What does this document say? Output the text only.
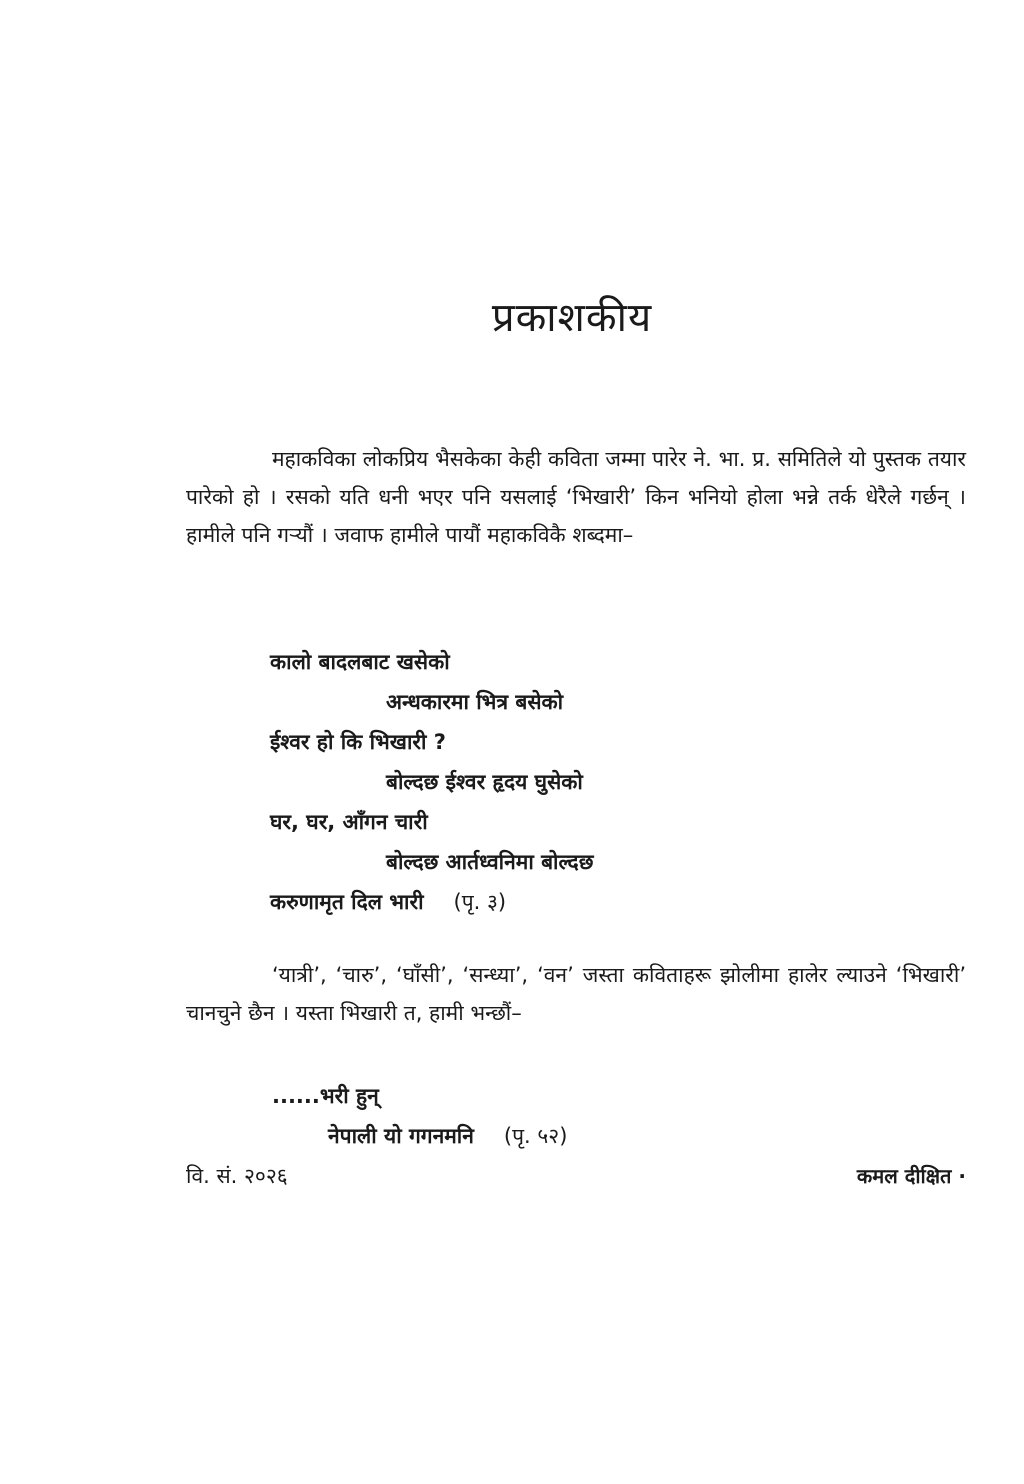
प्रकाशकीय

महाकविका लोकप्रिय भैसकेका केही कविता जम्मा पारेर ने. भा. प्र. समितिले यो पुस्तक तयार पारेको हो । रसको यति धनी भएर पनि यसलाई ‘भिखारी’ किन भनियो होला भन्ने तर्क धेरैले गर्छन् । हामीले पनि गऱ्यौं । जवाफ हामीले पायौं महाकविकै शब्दमा–

कालो बादलबाट खसेको
अन्धकारमा भित्र बसेको
ईश्वर हो कि भिखारी ?
बोल्दछ ईश्वर हृदय घुसेको
घर, घर, आँगन चारी
बोल्दछ आर्तध्वनिमा बोल्दछ
करुणामृत दिल भारी (पृ. ३)

‘यात्री’, ‘चारु’, ‘घाँसी’, ‘सन्ध्या’, ‘वन’ जस्ता कविताहरू झोलीमा हालेर ल्याउने ‘भिखारी’ चानचुने छैन । यस्ता भिखारी त, हामी भन्छौं–

......भरी हुन्
नेपाली यो गगनमनि (पृ. ५२)
वि. सं. २०२६	कमल दीक्षित ·
